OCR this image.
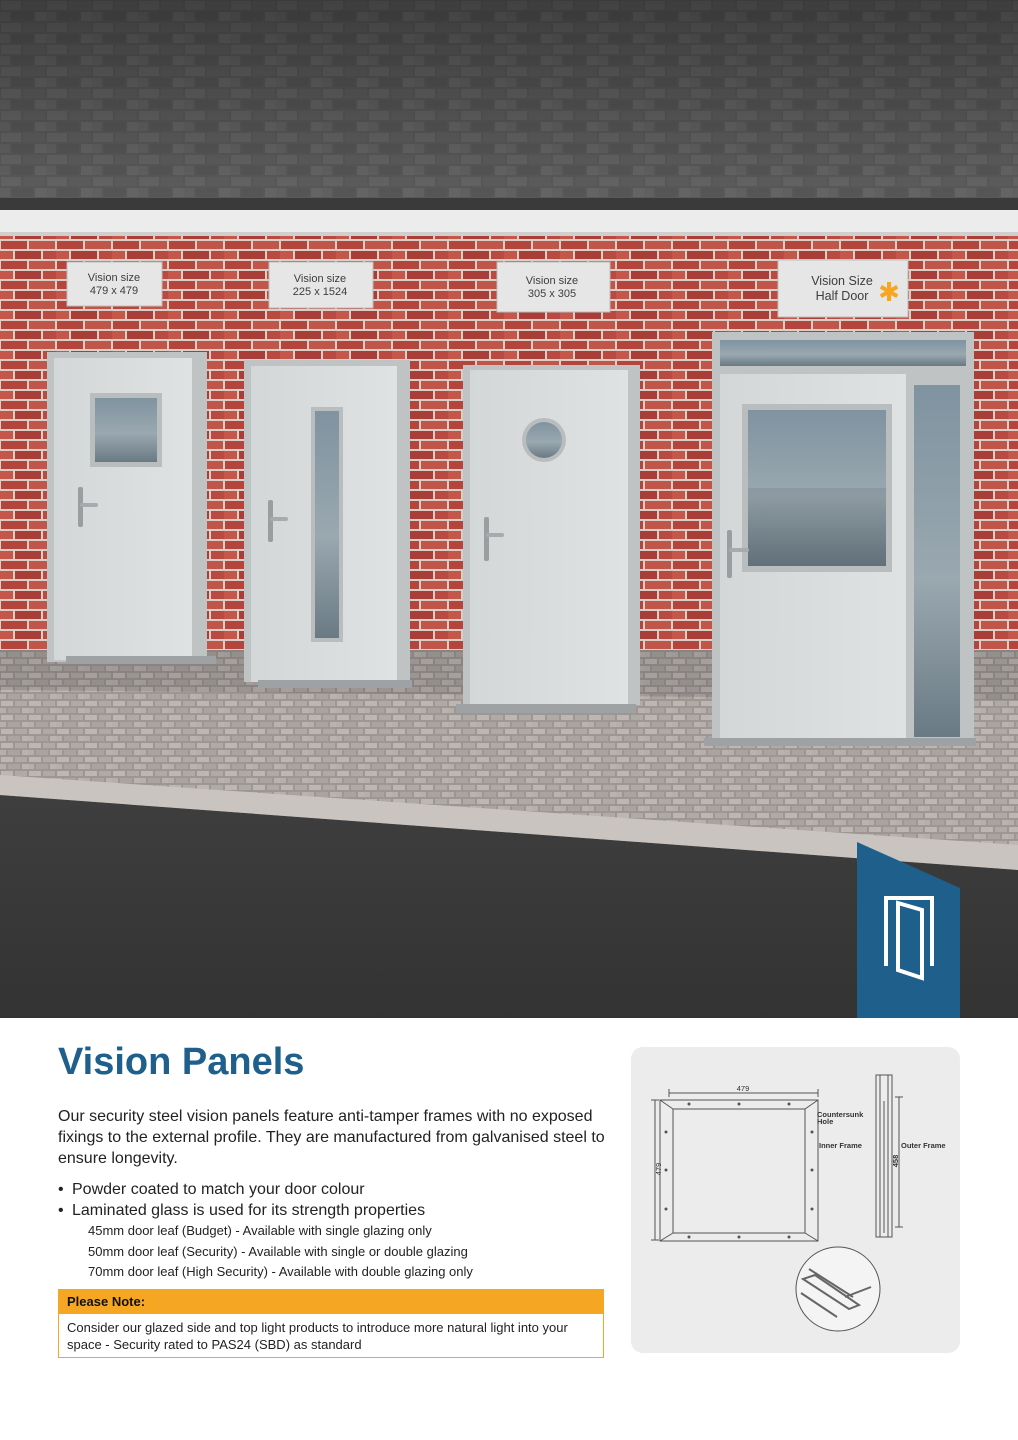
Vision size
479 x 479
Vision size
225 x 1524
Vision size
305 x 305
Vision Size
Half Door ✱
Vision Panels

Our security steel vision panels feature anti-tamper frames with no exposed fixings to the external profile. They are manufactured from galvanised steel to ensure longevity.

• Powder coated to match your door colour
• Laminated glass is used for its strength properties
45mm door leaf (Budget) - Available with single glazing only
50mm door leaf (Security) - Available with single or double glazing
70mm door leaf (High Security) - Available with double glazing only
Please Note:
Consider our glazed side and top light products to introduce more natural light into your space - Security rated to PAS24 (SBD) as standard
479
479
Countersunk
Hole
Inner Frame	Outer Frame
458
